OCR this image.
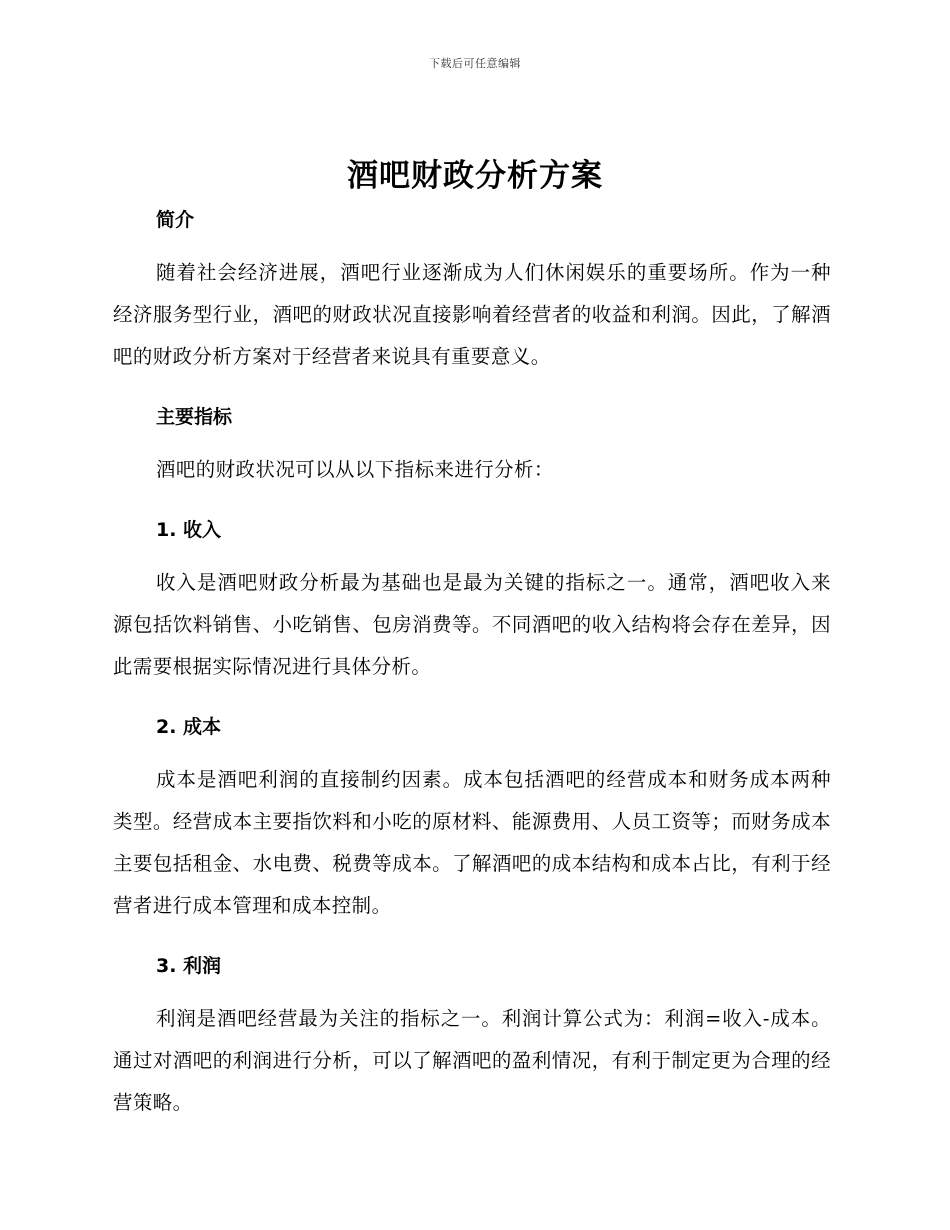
下载后可任意编辑
酒吧财政分析方案
简介

随着社会经济进展，酒吧行业逐渐成为人们休闲娱乐的重要场所。作为一种经济服务型行业，酒吧的财政状况直接影响着经营者的收益和利润。因此，了解酒吧的财政分析方案对于经营者来说具有重要意义。

主要指标

酒吧的财政状况可以从以下指标来进行分析：

1. 收入

收入是酒吧财政分析最为基础也是最为关键的指标之一。通常，酒吧收入来源包括饮料销售、小吃销售、包房消费等。不同酒吧的收入结构将会存在差异，因此需要根据实际情况进行具体分析。

2. 成本

成本是酒吧利润的直接制约因素。成本包括酒吧的经营成本和财务成本两种类型。经营成本主要指饮料和小吃的原材料、能源费用、人员工资等；而财务成本主要包括租金、水电费、税费等成本。了解酒吧的成本结构和成本占比，有利于经营者进行成本管理和成本控制。

3. 利润

利润是酒吧经营最为关注的指标之一。利润计算公式为：利润=收入-成本。通过对酒吧的利润进行分析，可以了解酒吧的盈利情况，有利于制定更为合理的经营策略。
